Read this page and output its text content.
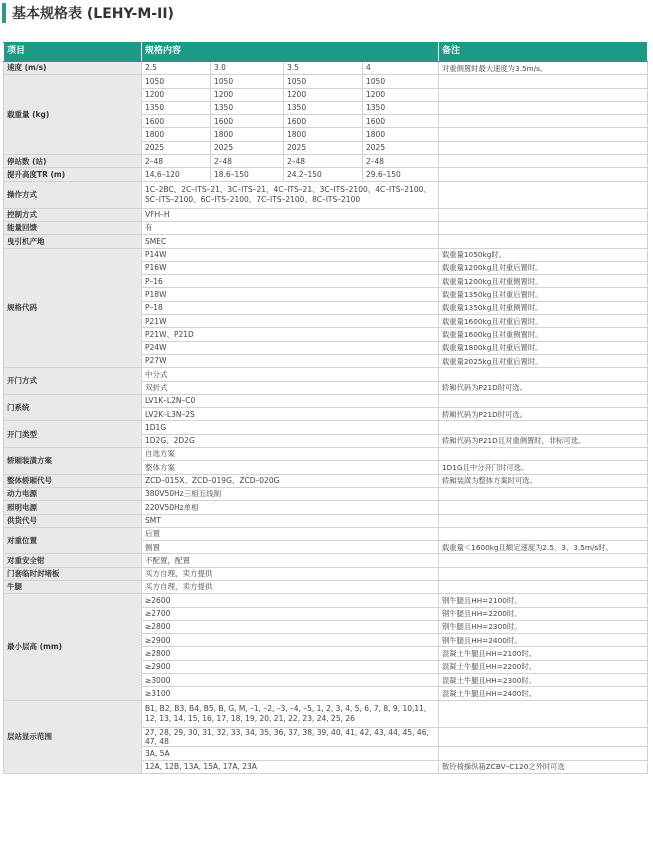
基本规格表 (LEHY-M-II)
项目	规格内容				备注
速度 (m/s)	2.5	3.0	3.5	4	对重侧置时最大速度为3.5m/s。
载重量 (kg)	1050	1050	1050	1050	
	1200	1200	1200	1200	
	1350	1350	1350	1350	
	1600	1600	1600	1600	
	1800	1800	1800	1800	
	2025	2025	2025	2025	
停站数 (站)	2–48	2–48	2–48	2–48	
提升高度TR (m)	14.6–120	18.6–150	24.2–150	29.6–150	
操作方式	1C–2BC、2C–ITS–21、3C–ITS–21、4C–ITS–21、3C–ITS–2100、4C–ITS–2100、5C–ITS–2100、6C–ITS–2100、7C–ITS–2100、8C–ITS–2100				
控制方式	VFH–H				
能量回馈	有				
曳引机产地	SMEC				
规格代码	P14W				载重量1050kg时。
	P16W				载重量1200kg且对重后置时。
	P–16				载重量1200kg且对重侧置时。
	P18W				载重量1350kg且对重后置时。
	P–18				载重量1350kg且对重侧置时。
	P21W				载重量1600kg且对重后置时。
	P21W、P21D				载重量1600kg且对重侧置时。
	P24W				载重量1800kg且对重后置时。
	P27W				载重量2025kg且对重后置时。
开门方式	中分式				
	双折式				轿厢代码为P21D时可选。
门系统	LV1K–L2N–C0				
	LV2K–L3N–2S				轿厢代码为P21D时可选。
开门类型	1D1G				
	1D2G、2D2G				轿厢代码为P21D且对重侧置时，非标可选。
轿厢装潢方案	自选方案				
	整体方案				1D1G且中分开门时可选。
整体轿厢代号	ZCD–015X、ZCD–019G、ZCD–020G				轿厢装潢为整体方案时可选。
动力电源	380V50Hz三相五线制				
照明电源	220V50Hz单相				
供货代号	SMT				
对重位置	后置				
	侧置				载重量＜1600kg且额定速度为2.5、3、3.5m/s时。
对重安全钳	不配置，配置				
门套临时封堵板	买方自理，卖方提供				
牛腿	买方自理，卖方提供				
最小层高 (mm)	≥2600				钢牛腿且HH=2100时。
	≥2700				钢牛腿且HH=2200时。
	≥2800				钢牛腿且HH=2300时。
	≥2900				钢牛腿且HH=2400时。
	≥2800				混凝土牛腿且HH=2100时。
	≥2900				混凝土牛腿且HH=2200时。
	≥3000				混凝土牛腿且HH=2300时。
	≥3100				混凝土牛腿且HH=2400时。
层站显示范围	B1, B2, B3, B4, B5, B, G, M, –1, –2, –3, –4, –5, 1, 2, 3, 4, 5, 6, 7, 8, 9, 10,11, 12, 13, 14, 15, 16, 17, 18, 19, 20, 21, 22, 23, 24, 25, 26				
	27, 28, 29, 30, 31, 32, 33, 34, 35, 36, 37, 38, 39, 40, 41, 42, 43, 44, 45, 46, 47, 48				
	3A, 5A				
	12A, 12B, 13A, 15A, 17A, 23A				散铃椅操纵箱ZCBV–C120之外时可选
